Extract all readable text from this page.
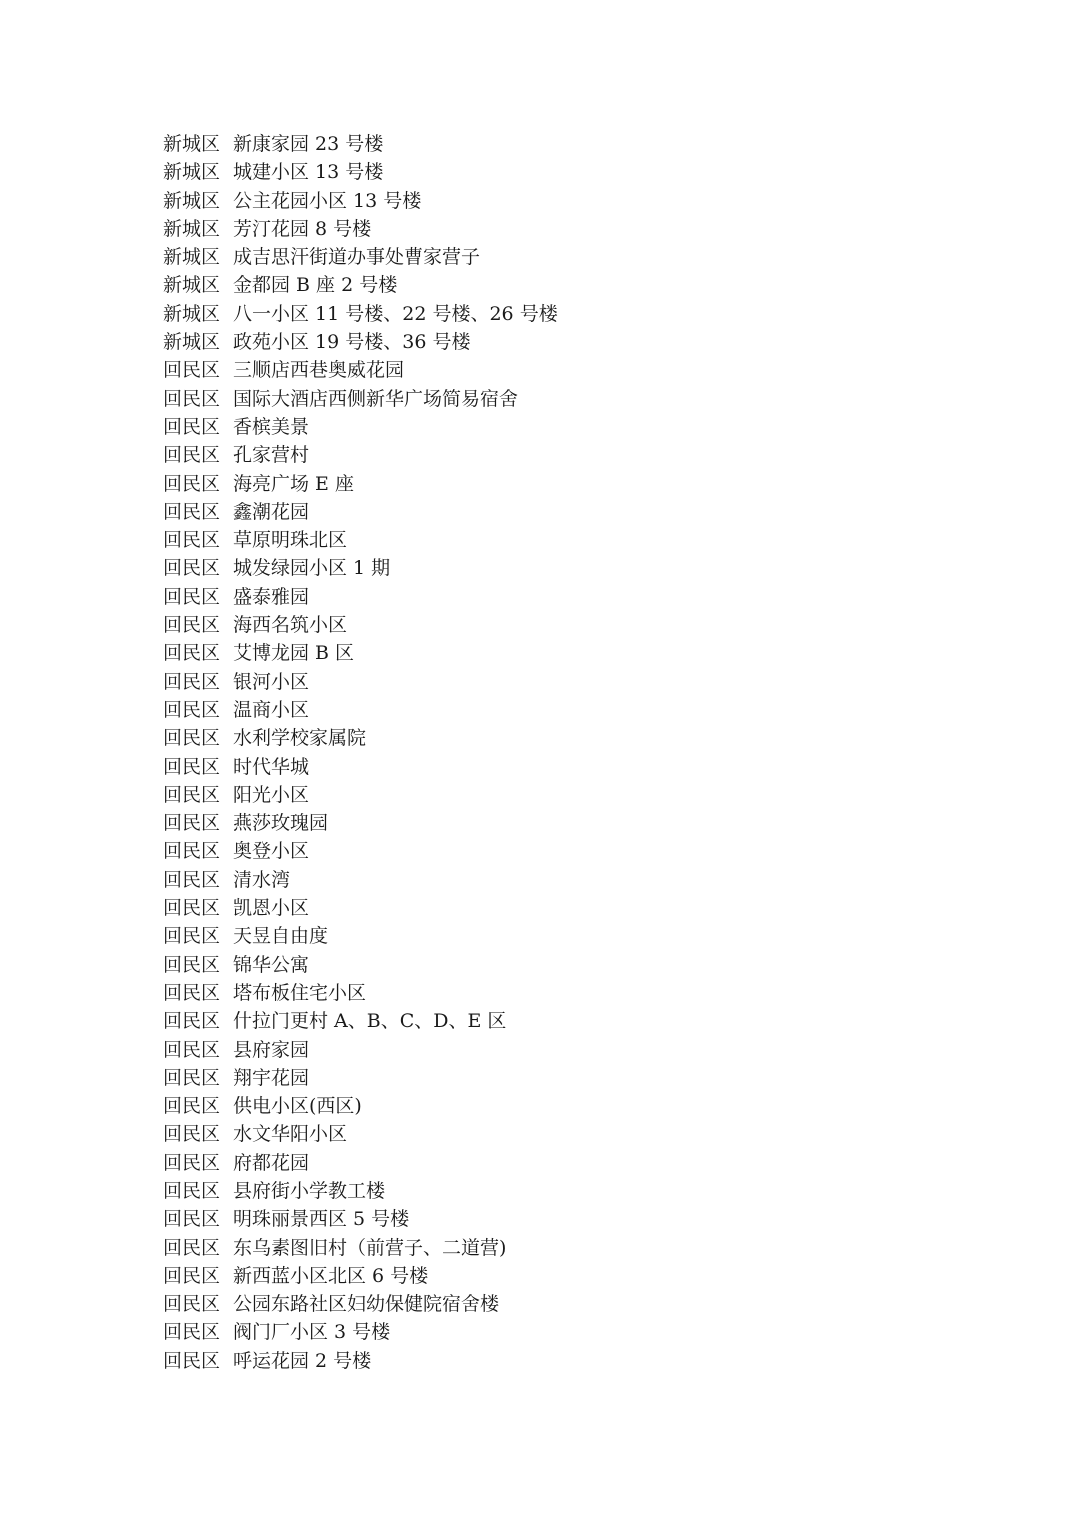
新城区 新康家园 23 号楼
新城区 城建小区 13 号楼
新城区 公主花园小区 13 号楼
新城区 芳汀花园 8 号楼
新城区 成吉思汗街道办事处曹家营子
新城区 金都园 B 座 2 号楼
新城区 八一小区 11 号楼、22 号楼、26 号楼
新城区 政苑小区 19 号楼、36 号楼
回民区 三顺店西巷奥威花园
回民区 国际大酒店西侧新华广场简易宿舍
回民区 香槟美景
回民区 孔家营村
回民区 海亮广场 E 座
回民区 鑫潮花园
回民区 草原明珠北区
回民区 城发绿园小区 1 期
回民区 盛泰雅园
回民区 海西名筑小区
回民区 艾博龙园 B 区
回民区 银河小区
回民区 温商小区
回民区 水利学校家属院
回民区 时代华城
回民区 阳光小区
回民区 燕莎玫瑰园
回民区 奥登小区
回民区 清水湾
回民区 凯恩小区
回民区 天昱自由度
回民区 锦华公寓
回民区 塔布板住宅小区
回民区 什拉门更村 A、B、C、D、E 区
回民区 县府家园
回民区 翔宇花园
回民区 供电小区(西区)
回民区 水文华阳小区
回民区 府都花园
回民区 县府街小学教工楼
回民区 明珠丽景西区 5 号楼
回民区 东乌素图旧村（前营子、二道营)
回民区 新西蓝小区北区 6 号楼
回民区 公园东路社区妇幼保健院宿舍楼
回民区 阀门厂小区 3 号楼
回民区 呼运花园 2 号楼
